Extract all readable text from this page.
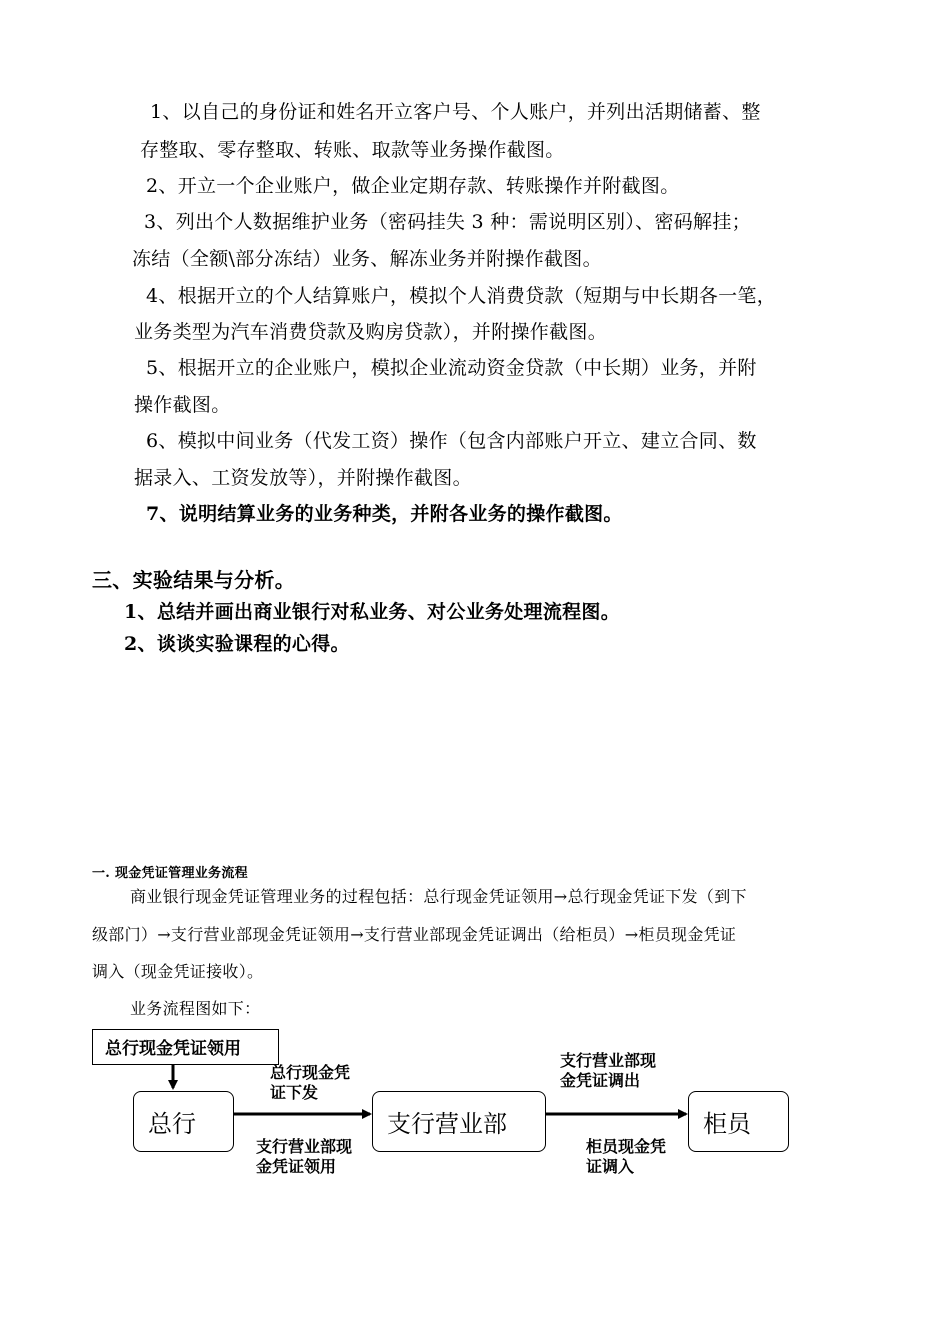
1、以自己的身份证和姓名开立客户号、个人账户，并列出活期储蓄、整
存整取、零存整取、转账、取款等业务操作截图。
2、开立一个企业账户，做企业定期存款、转账操作并附截图。
3、列出个人数据维护业务（密码挂失 3 种：需说明区别）、密码解挂；
冻结（全额\部分冻结）业务、解冻业务并附操作截图。
4、根据开立的个人结算账户，模拟个人消费贷款（短期与中长期各一笔，
业务类型为汽车消费贷款及购房贷款），并附操作截图。
5、根据开立的企业账户，模拟企业流动资金贷款（中长期）业务，并附
操作截图。
6、模拟中间业务（代发工资）操作（包含内部账户开立、建立合同、数
据录入、工资发放等），并附操作截图。
7、说明结算业务的业务种类，并附各业务的操作截图。
三、实验结果与分析。
1、总结并画出商业银行对私业务、对公业务处理流程图。
2、谈谈实验课程的心得。
一. 现金凭证管理业务流程
商业银行现金凭证管理业务的过程包括：总行现金凭证领用→总行现金凭证下发（到下
级部门）→支行营业部现金凭证领用→支行营业部现金凭证调出（给柜员）→柜员现金凭证
调入（现金凭证接收）。
业务流程图如下：
总行现金凭证领用
总行	支行营业部	柜员
总行现金凭证下发
支行营业部现金凭证领用
支行营业部现金凭证调出
柜员现金凭证调入
